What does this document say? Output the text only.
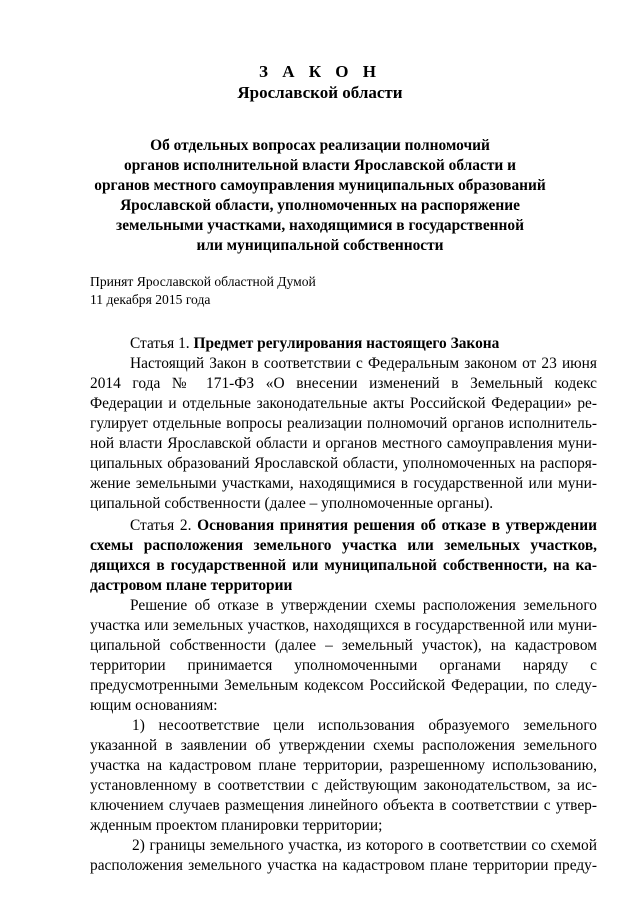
З А К О Н
Ярославской области
Об отдельных вопросах реализации полномочий
органов исполнительной власти Ярославской области и
органов местного самоуправления муниципальных образований
Ярославской области, уполномоченных на распоряжение
земельными участками, находящимися в государственной
или муниципальной собственности
Принят Ярославской областной Думой
11 декабря 2015 года
Статья 1. Предмет регулирования настоящего Закона
Настоящий Закон в соответствии с Федеральным законом от 23 июня
2014 года № 171-ФЗ «О внесении изменений в Земельный кодекс
Федерации и отдельные законодательные акты Российской Федерации» ре-
гулирует отдельные вопросы реализации полномочий органов исполнитель-
ной власти Ярославской области и органов местного самоуправления муни-
ципальных образований Ярославской области, уполномоченных на распоря-
жение земельными участками, находящимися в государственной или муни-
ципальной собственности (далее – уполномоченные органы).
Статья 2. Основания принятия решения об отказе в утверждении
схемы расположения земельного участка или земельных участков,
дящихся в государственной или муниципальной собственности, на ка-
дастровом плане территории
Решение об отказе в утверждении схемы расположения земельного
участка или земельных участков, находящихся в государственной или муни-
ципальной собственности (далее – земельный участок), на кадастровом
территории принимается уполномоченными органами наряду с
предусмотренными Земельным кодексом Российской Федерации, по следу-
ющим основаниям:
1) несоответствие цели использования образуемого земельного
указанной в заявлении об утверждении схемы расположения земельного
участка на кадастровом плане территории, разрешенному использованию,
установленному в соответствии с действующим законодательством, за ис-
ключением случаев размещения линейного объекта в соответствии с утвер-
жденным проектом планировки территории;
2) границы земельного участка, из которого в соответствии со схемой
расположения земельного участка на кадастровом плане территории преду-
